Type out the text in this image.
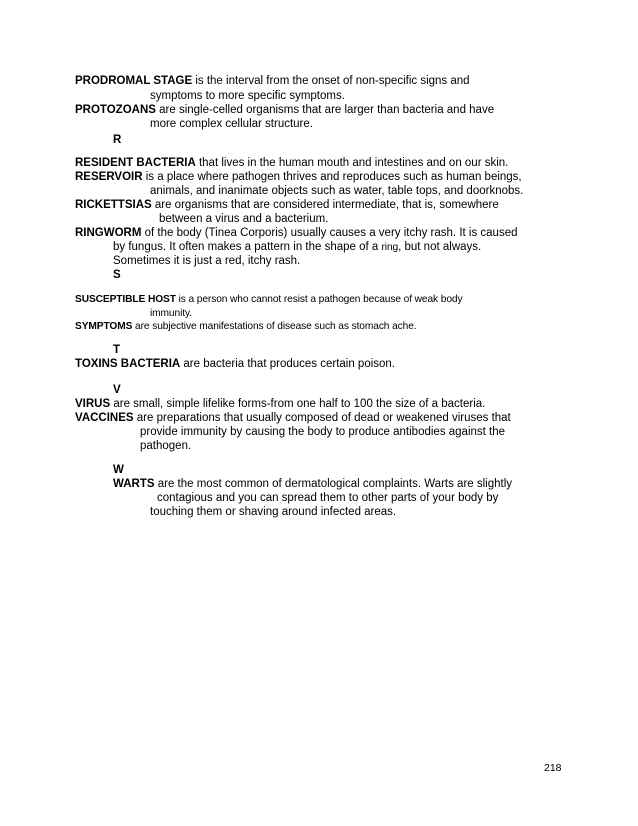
PRODROMAL STAGE is the interval from the onset of non-specific signs and
symptoms to more specific symptoms.
PROTOZOANS are single-celled organisms that are larger than bacteria and have
more complex cellular structure.
R
RESIDENT BACTERIA that lives in the human mouth and intestines and on our skin.
RESERVOIR is a place where pathogen thrives and reproduces such as human beings,
animals, and inanimate objects such as water, table tops, and doorknobs.
RICKETTSIAS are organisms that are considered intermediate, that is, somewhere
between a virus and a bacterium.
RINGWORM of the body (Tinea Corporis) usually causes a very itchy rash. It is caused
by fungus. It often makes a pattern in the shape of a ring, but not always.
Sometimes it is just a red, itchy rash.
S
SUSCEPTIBLE HOST is a person who cannot resist a pathogen because of weak body
immunity.
SYMPTOMS are subjective manifestations of disease such as stomach ache.
T
TOXINS BACTERIA are bacteria that produces certain poison.
V
VIRUS are small, simple lifelike forms-from one half to 100 the size of a bacteria.
VACCINES are preparations that usually composed of dead or weakened viruses that
provide immunity by causing the body to produce antibodies against the
pathogen.
W
WARTS are the most common of dermatological complaints. Warts are slightly
contagious and you can spread them to other parts of your body by
touching them or shaving around infected areas.
218
